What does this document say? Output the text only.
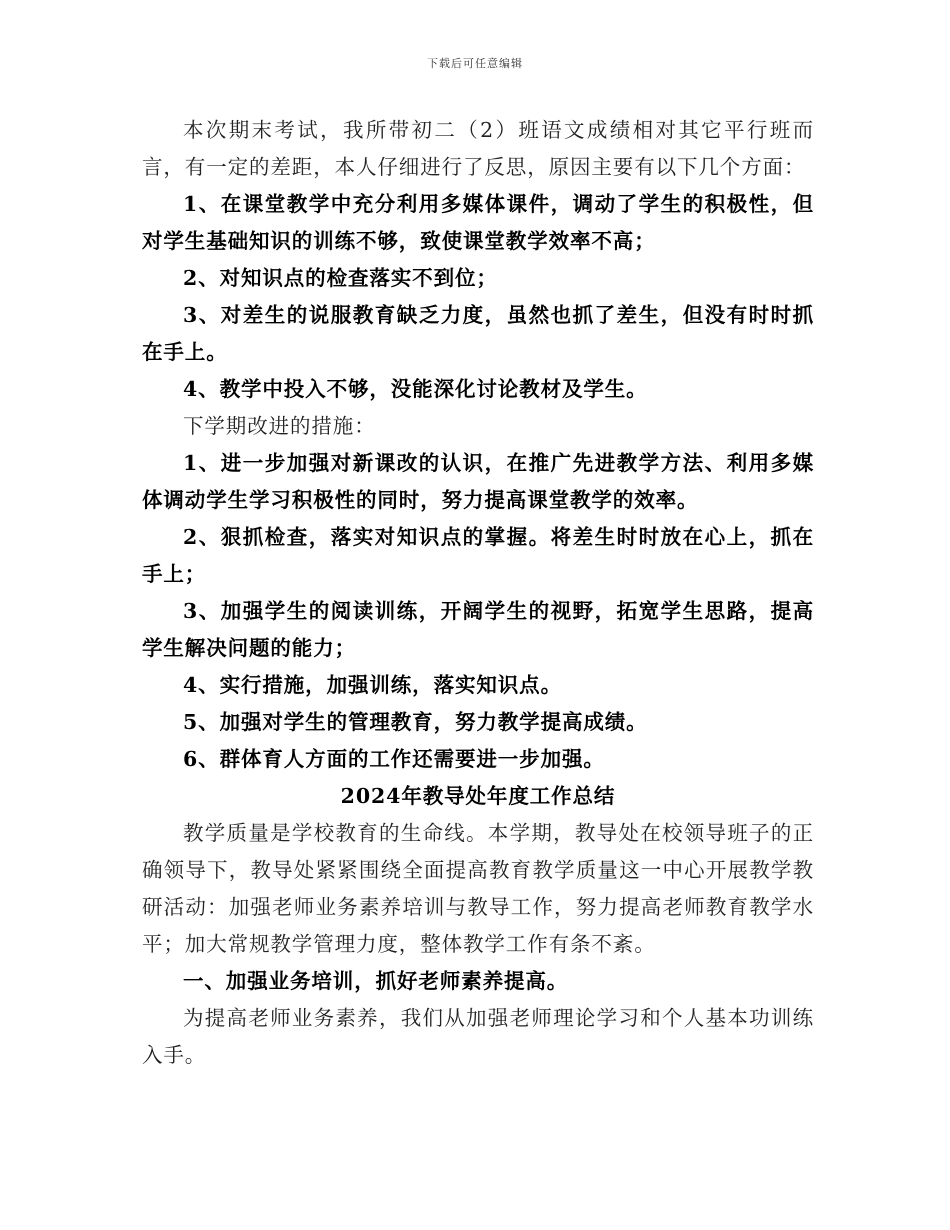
下载后可任意编辑

本次期末考试，我所带初二（2）班语文成绩相对其它平行班而言，有一定的差距，本人仔细进行了反思，原因主要有以下几个方面：

1、在课堂教学中充分利用多媒体课件，调动了学生的积极性，但对学生基础知识的训练不够，致使课堂教学效率不高；

2、对知识点的检查落实不到位；

3、对差生的说服教育缺乏力度，虽然也抓了差生，但没有时时抓在手上。

4、教学中投入不够，没能深化讨论教材及学生。

下学期改进的措施：

1、进一步加强对新课改的认识，在推广先进教学方法、利用多媒体调动学生学习积极性的同时，努力提高课堂教学的效率。

2、狠抓检查，落实对知识点的掌握。将差生时时放在心上，抓在手上；

3、加强学生的阅读训练，开阔学生的视野，拓宽学生思路，提高学生解决问题的能力；

4、实行措施，加强训练，落实知识点。

5、加强对学生的管理教育，努力教学提高成绩。

6、群体育人方面的工作还需要进一步加强。

2024年教导处年度工作总结

教学质量是学校教育的生命线。本学期，教导处在校领导班子的正确领导下，教导处紧紧围绕全面提高教育教学质量这一中心开展教学教研活动：加强老师业务素养培训与教导工作，努力提高老师教育教学水平；加大常规教学管理力度，整体教学工作有条不紊。

一、加强业务培训，抓好老师素养提高。

为提高老师业务素养，我们从加强老师理论学习和个人基本功训练入手。
